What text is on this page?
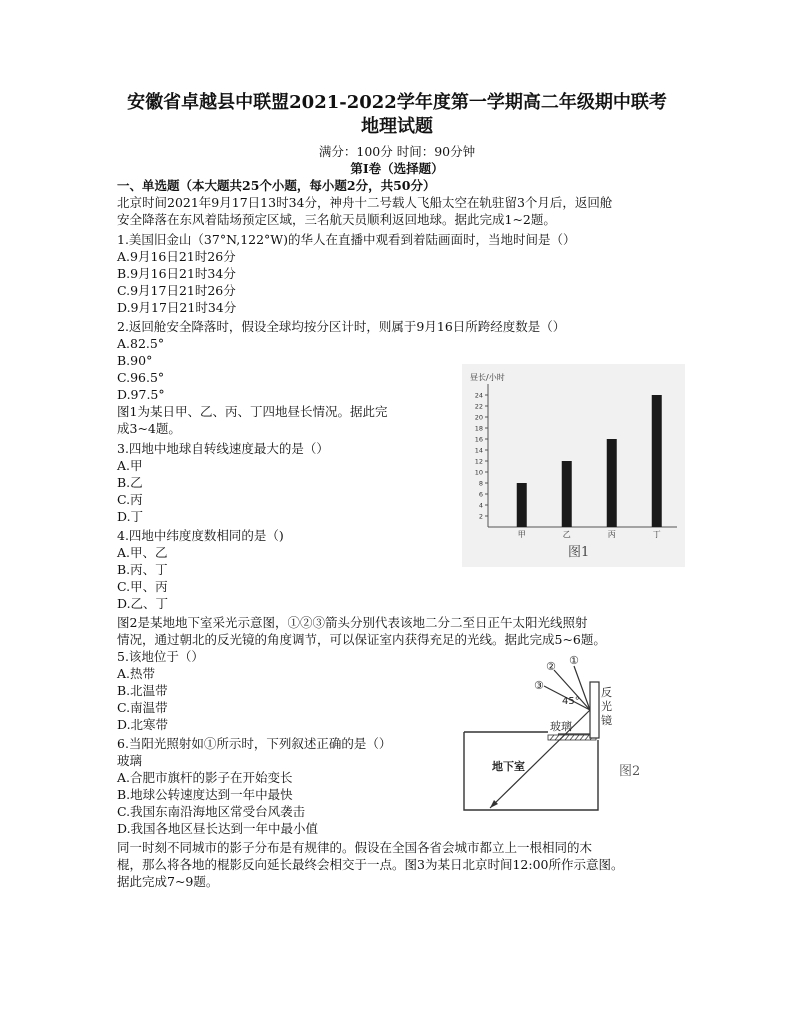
安徽省卓越县中联盟2021-2022学年度第一学期高二年级期中联考
地理试题
满分：100分 时间：90分钟
第Ⅰ卷（选择题）
一、单选题（本大题共25个小题，每小题2分，共50分）
北京时间2021年9月17日13时34分，神舟十二号载人飞船太空在轨驻留3个月后，返回舱
安全降落在东风着陆场预定区域，三名航天员顺利返回地球。据此完成1~2题。
1.美国旧金山（37°N,122°W)的华人在直播中观看到着陆画面时，当地时间是（）
A.9月16日21时26分
B.9月16日21时34分
C.9月17日21时26分
D.9月17日21时34分
2.返回舱安全降落时，假设全球均按分区计时，则属于9月16日所跨经度数是（）
A.82.5°
B.90°
C.96.5°
D.97.5°
图1为某日甲、乙、丙、丁四地昼长情况。据此完
成3~4题。
3.四地中地球自转线速度最大的是（）
A.甲
B.乙
C.丙
D.丁
4.四地中纬度度数相同的是（)
A.甲、乙
B.丙、丁
C.甲、丙
D.乙、丁
图2是某地地下室采光示意图，①②③箭头分别代表该地二分二至日正午太阳光线照射
情况，通过朝北的反光镜的角度调节，可以保证室内获得充足的光线。据此完成5~6题。
5.该地位于（）
A.热带
B.北温带
C.南温带
D.北寒带
6.当阳光照射如①所示时，下列叙述正确的是（）
玻璃
A.合肥市旗杆的影子在开始变长
B.地球公转速度达到一年中最快
C.我国东南沿海地区常受台风袭击
D.我国各地区昼长达到一年中最小值
同一时刻不同城市的影子分布是有规律的。假设在全国各省会城市都立上一根相同的木
棍，那么将各地的棍影反向延长最终会相交于一点。图3为某日北京时间12:00所作示意图。
据此完成7~9题。
昼长/小时
2
4
6
8
10
12
14
16
18
20
22
24
甲	乙	丙	丁
图1
①
②
③
45°
反
光
镜
玻璃
地下室	图2
